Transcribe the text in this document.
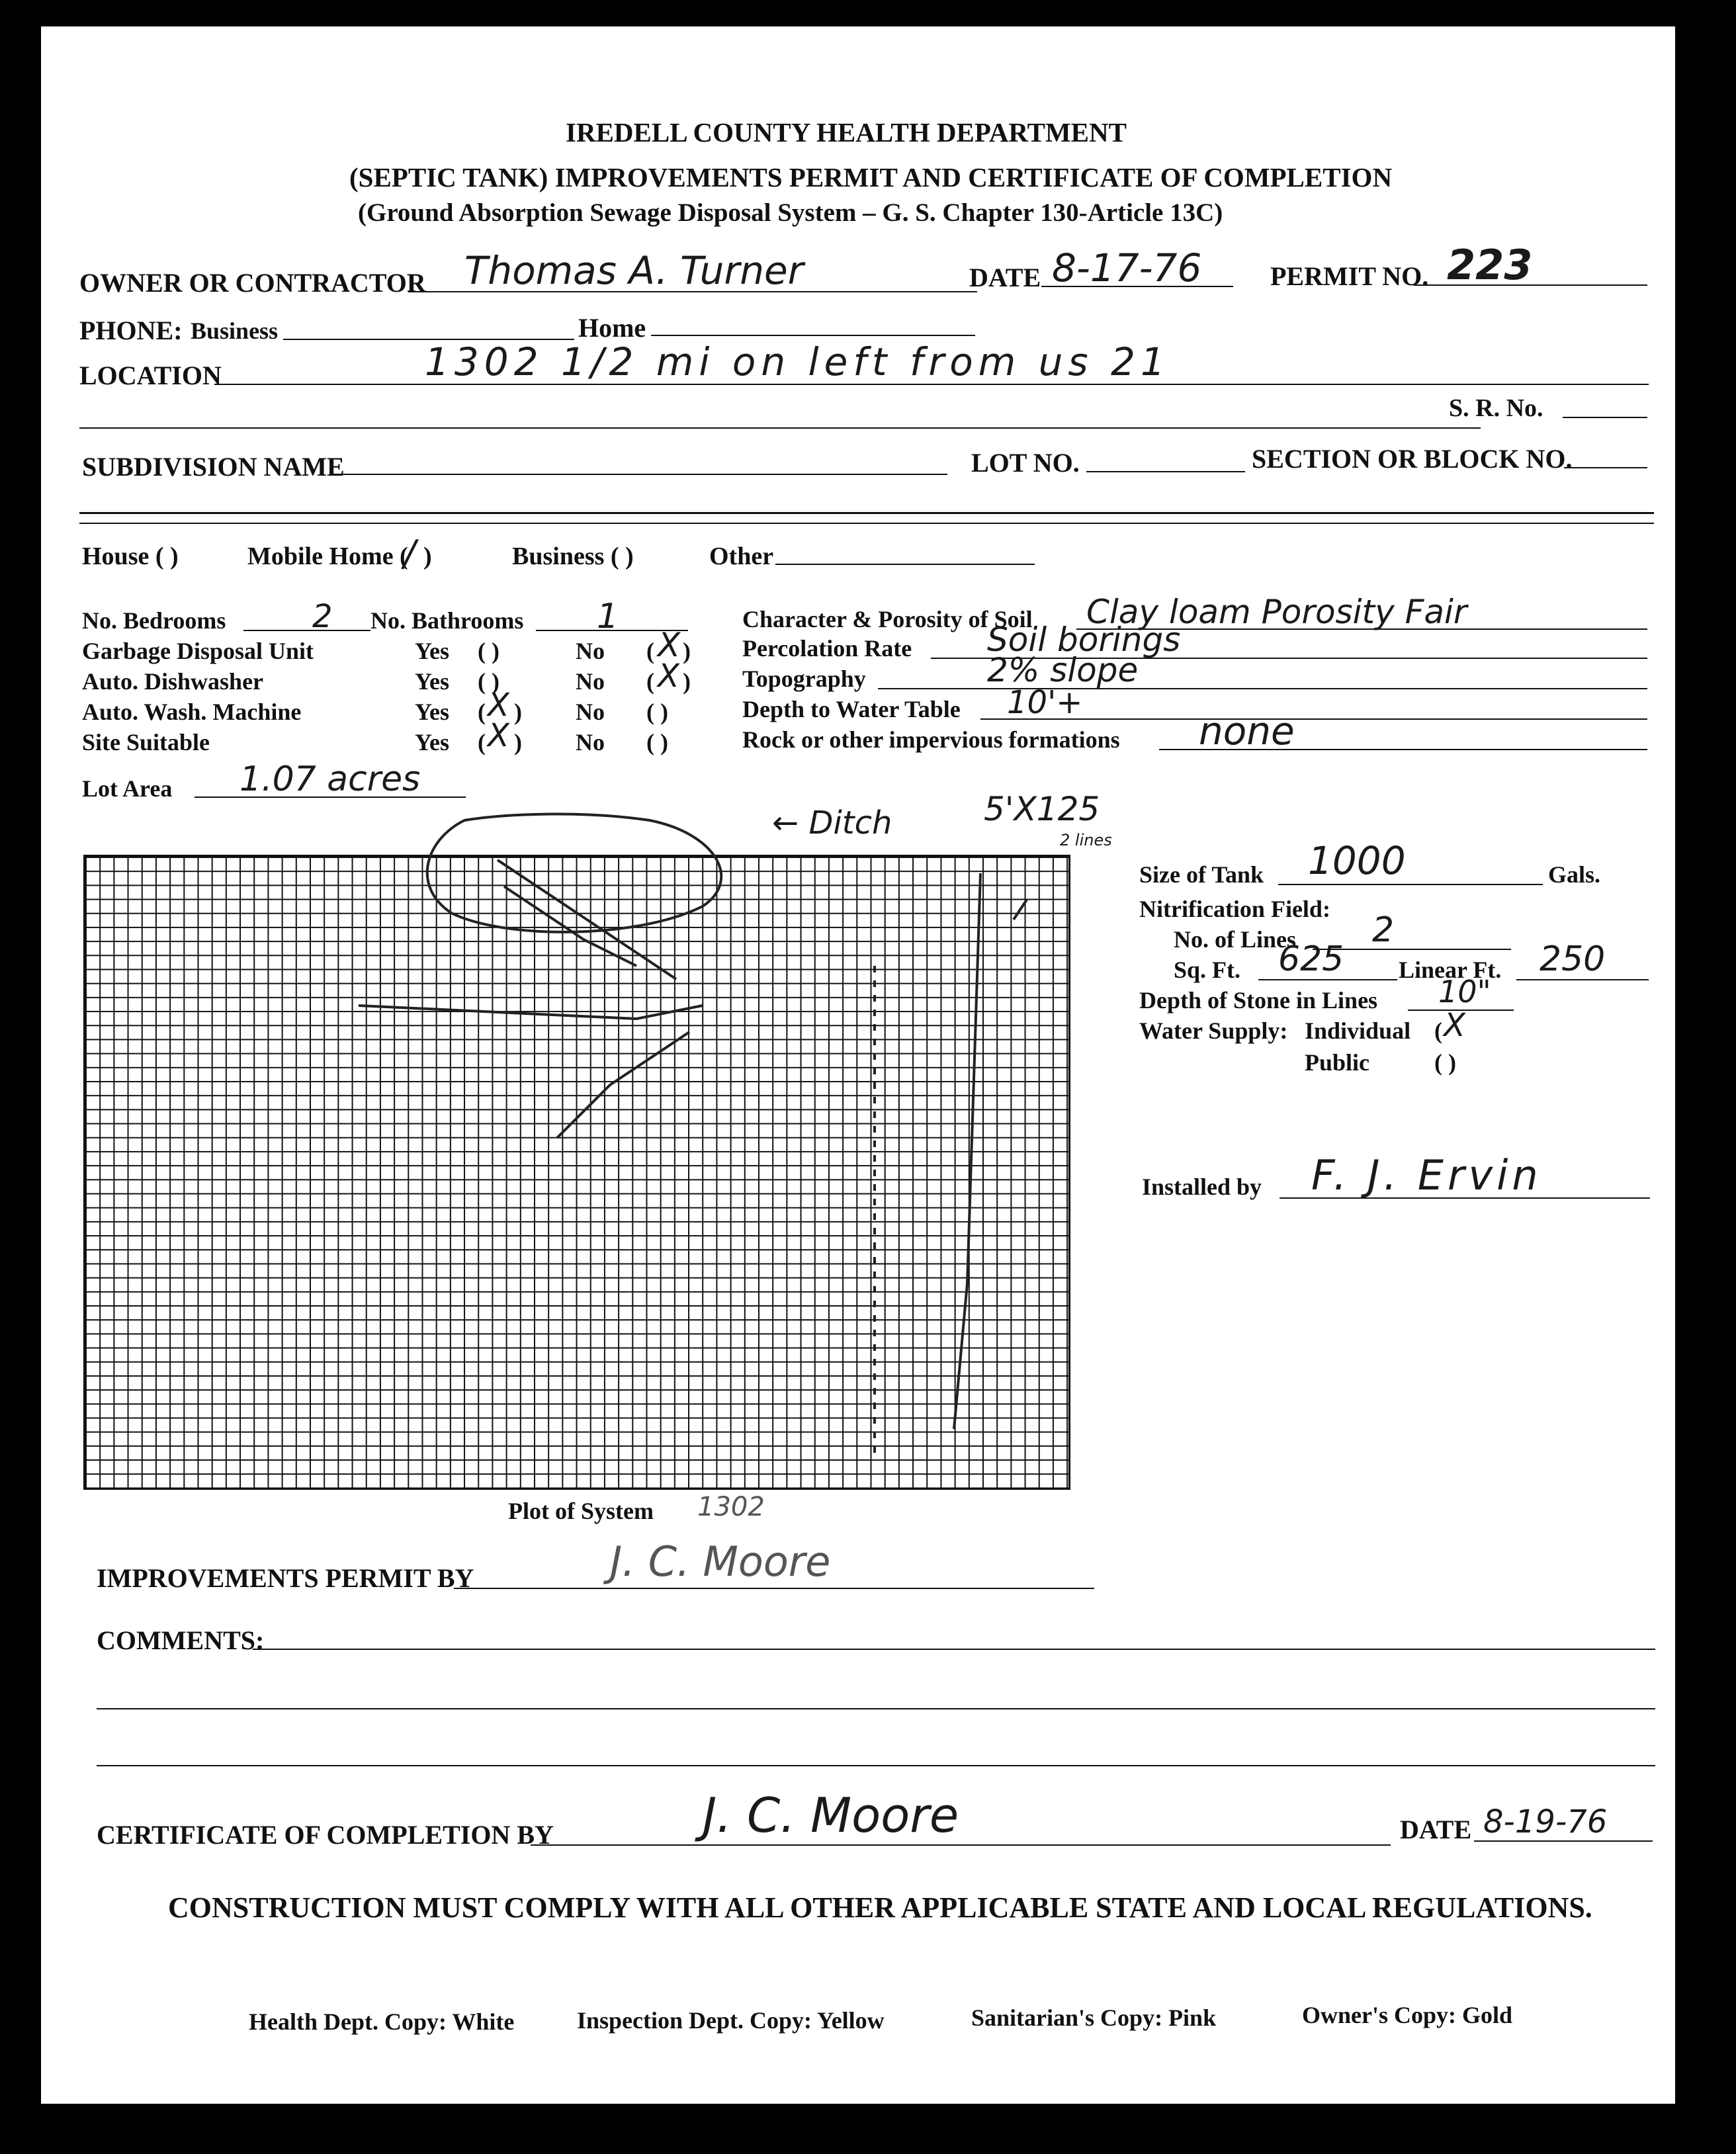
IREDELL COUNTY HEALTH DEPARTMENT
(SEPTIC TANK) IMPROVEMENTS PERMIT AND CERTIFICATE OF COMPLETION
(Ground Absorption Sewage Disposal System – G. S. Chapter 130-Article 13C)
OWNER OR CONTRACTOR Thomas A. Turner	DATE 8-17-76	PERMIT NO. 223
PHONE: Business	Home
LOCATION	1302 1/2 mi on left from us 21
S. R. No.
SUBDIVISION NAME	LOT NO.	SECTION OR BLOCK NO.
House ( )	Mobile Home (
/ )	Business ( )	Other
No. Bedrooms	2 No. Bathrooms 1
Garbage Disposal Unit	Yes ( )	No ( X )
Auto. Dishwasher	Yes ( )	No ( X )
Auto. Wash. Machine	Yes ( X ) No ( )
Site Suitable	Yes ( X ) No ( )
Character & Porosity of Soil Clay loam Porosity Fair
Percolation Rate Soil borings
Topography	2% slope
Depth to Water Table 10'+
Rock or other impervious formations none
Lot Area 1.07 acres
← Ditch	5'X125
2 lines
Plot of System 1302
Size of Tank 1000	Gals.
Nitrification Field:
No. of Lines 2
Sq. Ft. 625 Linear Ft. 250
Depth of Stone in Lines 10"
Water Supply: Individual ( X
Public	( )
Installed by F. J. Ervin
IMPROVEMENTS PERMIT BY	J. C. Moore
COMMENTS:
CERTIFICATE OF COMPLETION BY	J. C. Moore	DATE 8-19-76
CONSTRUCTION MUST COMPLY WITH ALL OTHER APPLICABLE STATE AND LOCAL REGULATIONS.
Health Dept. Copy: White	Inspection Dept. Copy: Yellow	Sanitarian's Copy: Pink	Owner's Copy: Gold
